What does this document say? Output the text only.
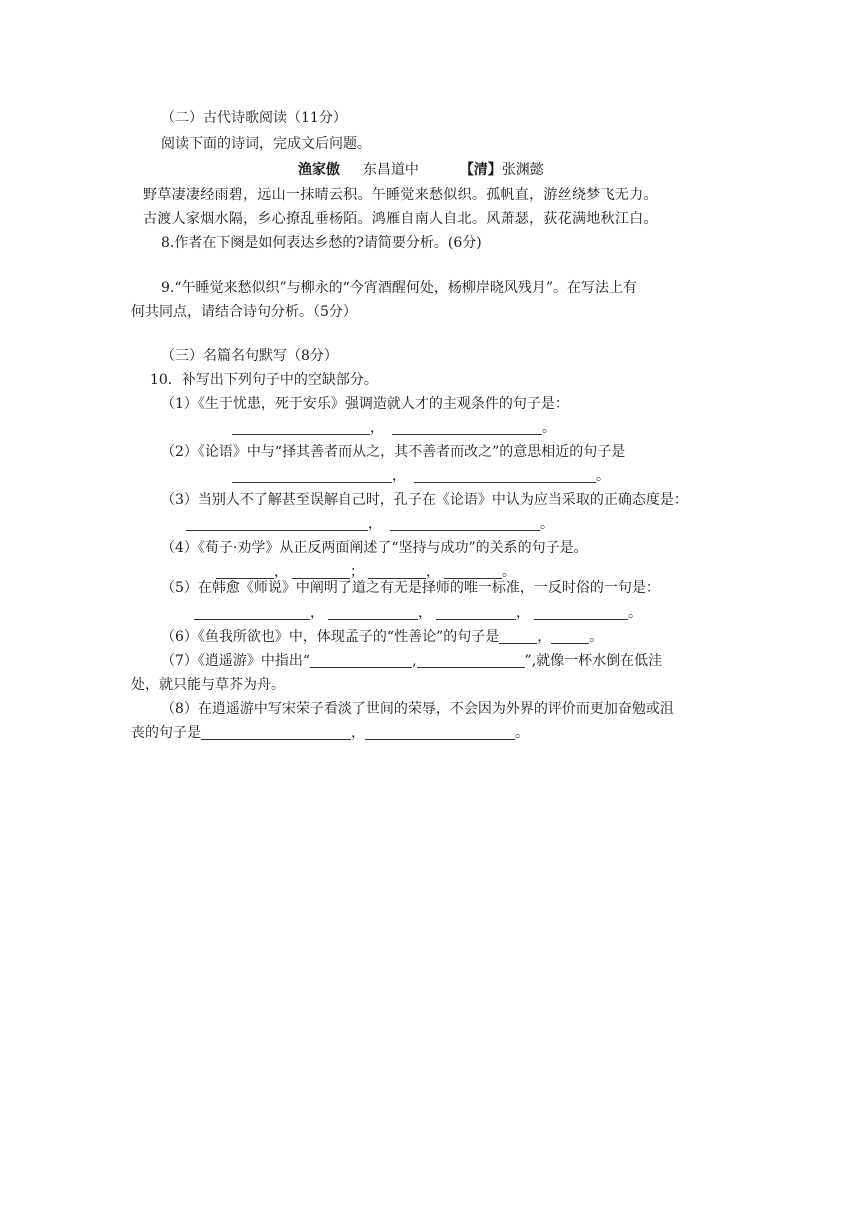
（二）古代诗歌阅读（11分）
阅读下面的诗词，完成文后问题。
渔家傲 东昌道中	【清】张渊懿
野草凄凄经雨碧，远山一抹晴云积。午睡觉来愁似织。孤帆直，游丝绕梦飞无力。
古渡人家烟水隔，乡心撩乱垂杨陌。鸿雁自南人自北。风萧瑟，荻花满地秋江白。
8.作者在下阕是如何表达乡愁的?请简要分析。(6分)
9.“午睡觉来愁似织”与柳永的“今宵酒醒何处，杨柳岸晓风残月”。在写法上有
何共同点，请结合诗句分析。（5分）
（三）名篇名句默写（8分）
10．补写出下列句子中的空缺部分。
（1）《生于忧患，死于安乐》强调造就人才的主观条件的句子是：
，	。
（2）《论语》中与“择其善者而从之，其不善者而改之”的意思相近的句子是
，	。
（3）当别人不了解甚至误解自己时，孔子在《论语》中认为应当采取的正确态度是：
，	。
（4）《荀子·劝学》从正反两面阐述了“坚持与成功”的关系的句子是。
，	；	，	。
（5）在韩愈《师说》中阐明了道之有无是择师的唯一标准，一反时俗的一句是：
，	，	，	。
（6）《鱼我所欲也》中，体现孟子的“性善论”的句子是	，	。
（7）《逍遥游》中指出“	,	”,就像一杯水倒在低洼
处，就只能与草芥为舟。
（8）在逍遥游中写宋荣子看淡了世间的荣辱，不会因为外界的评价而更加奋勉或沮
丧的句子是	，	。
